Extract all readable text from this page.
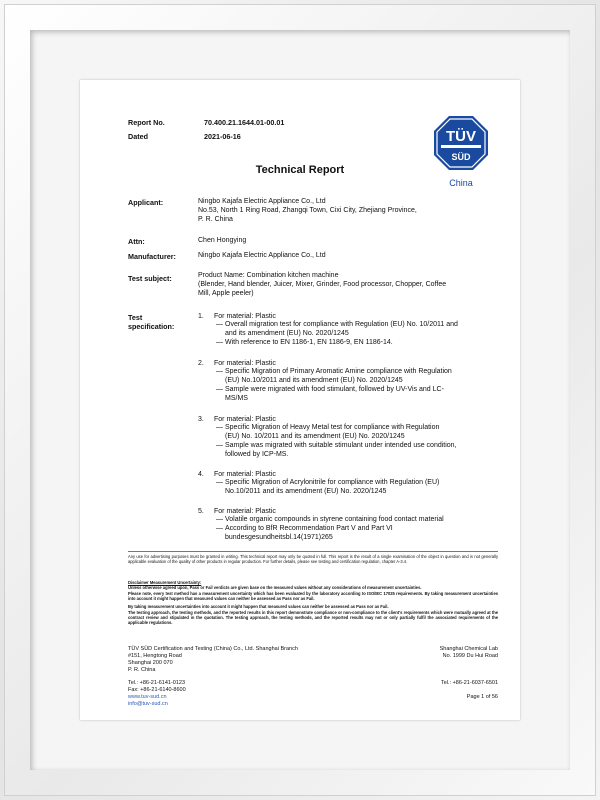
Report No.	70.400.21.1644.01-00.01
Dated	2021-06-16	TÜV
SÜD
China
Technical Report
Applicant:	Ningbo Kajafa Electric Appliance Co., Ltd
No.53, North 1 Ring Road, Zhangqi Town, Cixi City, Zhejiang Province,
P. R. China
Attn:	Chen Hongying
Manufacturer:	Ningbo Kajafa Electric Appliance Co., Ltd
Test subject:	Product Name: Combination kitchen machine
(Blender, Hand blender, Juicer, Mixer, Grinder, Food processor, Chopper, Coffee
Mill, Apple peeler)
Test
specification:
1.	For material: Plastic
— Overall migration test for compliance with Regulation (EU) No. 10/2011 and
and its amendment (EU) No. 2020/1245
— With reference to EN 1186-1, EN 1186-9, EN 1186-14.
2.	For material: Plastic
— Specific Migration of Primary Aromatic Amine compliance with Regulation
(EU) No.10/2011 and its amendment (EU) No. 2020/1245
— Sample were migrated with food stimulant, followed by UV-Vis and LC-
MS/MS
3.	For material: Plastic
— Specific Migration of Heavy Metal test for compliance with Regulation
(EU) No. 10/2011 and its amendment (EU) No. 2020/1245
— Sample was migrated with suitable stimulant under intended use condition,
followed by ICP-MS.
4.	For material: Plastic
— Specific Migration of Acrylonitrile for compliance with Regulation (EU)
No.10/2011 and its amendment (EU) No. 2020/1245
5.	For material: Plastic
— Volatile organic compounds in styrene containing food contact material
— According to BfR Recommendation Part V and Part VI
bundesgesundheitsbl.14(1971)265
Any use for advertising purposes must be granted in writing. This technical report may only be quoted in full. This report is the result of a single examination of the object in question and is not generally applicable evaluation of the quality of other products in regular production. For further details, please see testing and certification regulation, chapter A-3.4.
Disclaimer Measurement Uncertainty:
Unless otherwise agreed upon, Pass or Fail verdicts are given base on the measured values without any considerations of measurement uncertainties.
Please note, every test method has a measurement uncertainty which has been evaluated by the laboratory according to ISO/IEC 17025 requirements. By taking measurement uncertainties into account it might happen that measured values can neither be assessed as Pass nor as Fail.
By taking measurement uncertainties into account it might happen that measured values can neither be assessed as Pass nor as Fail.
The testing approach, the testing methods, and the reported results in this report demonstrate compliance or non-compliance to the client's requirements which were mutually agreed at the contract review and stipulated in the quotation. The testing approach, the testing methods, and the reported results may not or only partially fulfil the associated requirements of the applicable regulations.
TÜV SÜD Certification and Testing (China) Co., Ltd. Shanghai Branch
#151, Hengtong Road
Shanghai 200 070
P. R. China
Tel.: +86-21-6141-0123
Fax: +86-21-6140-8600
www.tuv-sud.cn
info@tuv-sud.cn
Shanghai Chemical Lab
No. 1999 Du Hui Road
Tel.: +86-21-6037-6501
Page 1 of 56
